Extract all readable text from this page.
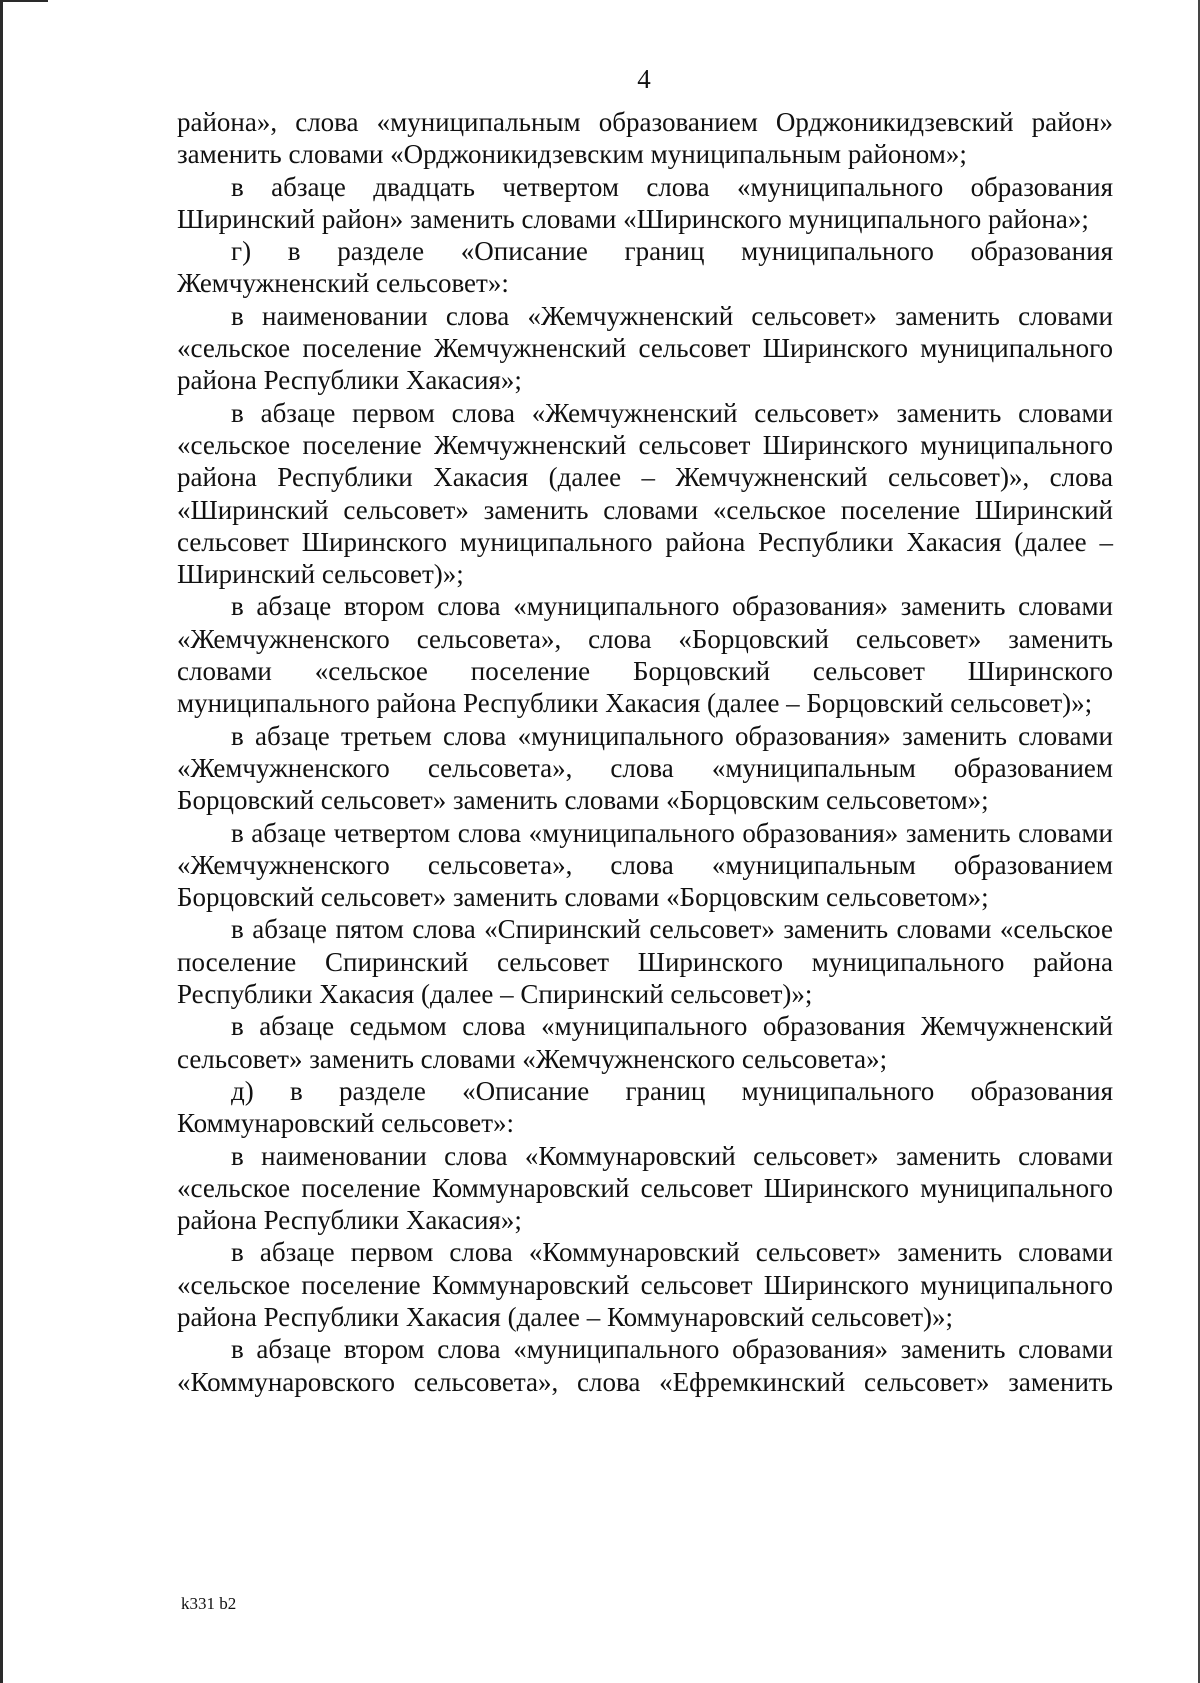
4

района», слова «муниципальным образованием Орджоникидзевский район» заменить словами «Орджоникидзевским муниципальным районом»;

в абзаце двадцать четвертом слова «муниципального образования Ширинский район» заменить словами «Ширинского муниципального района»;

г) в разделе «Описание границ муниципального образования Жемчужненский сельсовет»:

в наименовании слова «Жемчужненский сельсовет» заменить словами «сельское поселение Жемчужненский сельсовет Ширинского муниципального района Республики Хакасия»;

в абзаце первом слова «Жемчужненский сельсовет» заменить словами «сельское поселение Жемчужненский сельсовет Ширинского муниципального района Республики Хакасия (далее – Жемчужненский сельсовет)», слова «Ширинский сельсовет» заменить словами «сельское поселение Ширинский сельсовет Ширинского муниципального района Республики Хакасия (далее – Ширинский сельсовет)»;

в абзаце втором слова «муниципального образования» заменить словами «Жемчужненского сельсовета», слова «Борцовский сельсовет» заменить словами «сельское поселение Борцовский сельсовет Ширинского муниципального района Республики Хакасия (далее – Борцовский сельсовет)»;

в абзаце третьем слова «муниципального образования» заменить словами «Жемчужненского сельсовета», слова «муниципальным образованием Борцовский сельсовет» заменить словами «Борцовским сельсоветом»;

в абзаце четвертом слова «муниципального образования» заменить словами «Жемчужненского сельсовета», слова «муниципальным образованием Борцовский сельсовет» заменить словами «Борцовским сельсоветом»;

в абзаце пятом слова «Спиринский сельсовет» заменить словами «сельское поселение Спиринский сельсовет Ширинского муниципального района Республики Хакасия (далее – Спиринский сельсовет)»;

в абзаце седьмом слова «муниципального образования Жемчужненский сельсовет» заменить словами «Жемчужненского сельсовета»;

д) в разделе «Описание границ муниципального образования Коммунаровский сельсовет»:

в наименовании слова «Коммунаровский сельсовет» заменить словами «сельское поселение Коммунаровский сельсовет Ширинского муниципального района Республики Хакасия»;

в абзаце первом слова «Коммунаровский сельсовет» заменить словами «сельское поселение Коммунаровский сельсовет Ширинского муниципального района Республики Хакасия (далее – Коммунаровский сельсовет)»;

в абзаце втором слова «муниципального образования» заменить словами «Коммунаровского сельсовета», слова «Ефремкинский сельсовет» заменить

k331 b2
